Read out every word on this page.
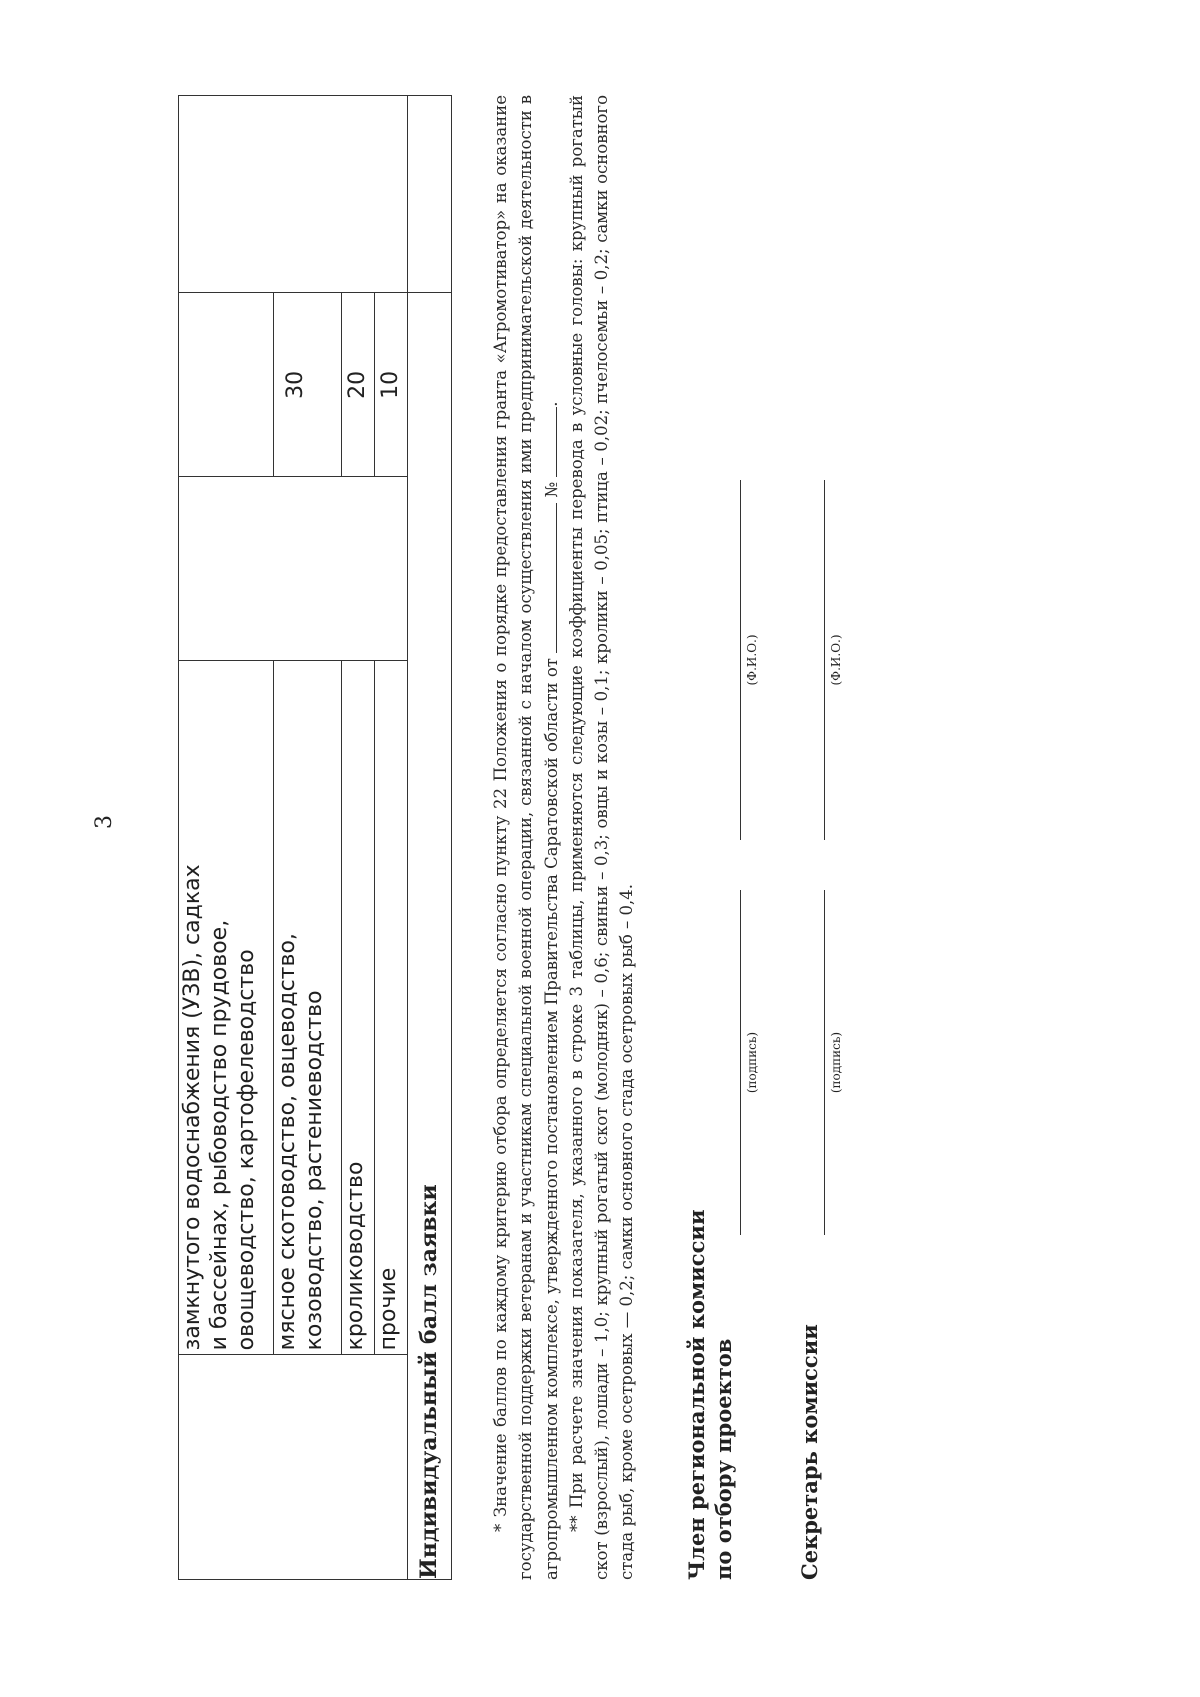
3

	замкнутого водоснабжения (УЗВ), садках
и бассейнах, рыбоводство прудовое,
овощеводство, картофелеводство			

	мясное скотоводство, овцеводство,
козоводство, растениеводство		30	

	кролиководство		20	

	прочие		10	

Индивидуальный балл заявки					* Значение баллов по каждому критерию отбора определяется согласно пункту 22 Положения о порядке предоставления гранта «Агромотиватор» на оказание государственной поддержки ветеранам и участникам специальной военной операции, связанной с началом осуществления ими предпринимательской деятельности в агропромышленном комплексе, утвержденного постановлением Правительства Саратовской области от  № . ** При расчете значения показателя, указанного в строке 3 таблицы, применяются следующие коэффициенты перевода в условные головы: крупный рогатый скот (взрослый), лошади – 1,0; крупный рогатый скот (молодняк) – 0,6; свиньи – 0,3; овцы и козы – 0,1; кролики – 0,05; птица – 0,02; пчелосемьи – 0,2; самки основного стада рыб, кроме осетровых — 0,2; самки основного стада осетровых рыб – 0,4. Член региональной комиссии
по отбору проектов
(подпись)
(Ф.И.О.)
Секретарь комиссии
(подпись)
(Ф.И.О.)
